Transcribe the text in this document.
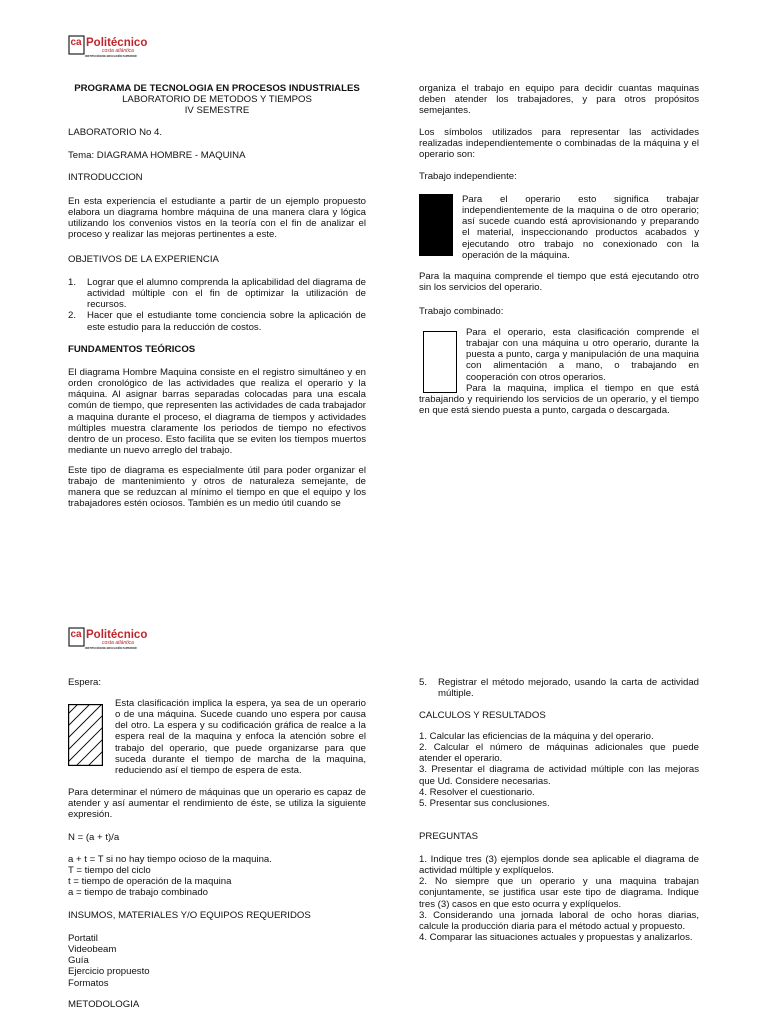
ca Politécnico
costa atlántica
INSTITUCIÓN DE EDUCACIÓN SUPERIOR

PROGRAMA DE TECNOLOGIA EN PROCESOS INDUSTRIALES

LABORATORIO DE METODOS Y TIEMPOS

IV SEMESTRE

LABORATORIO No 4.

Tema: DIAGRAMA HOMBRE - MAQUINA

INTRODUCCION

En esta experiencia el estudiante a partir de un ejemplo propuesto elabora un diagrama hombre máquina de una manera clara y lógica utilizando los convenios vistos en la teoría con el fin de analizar el proceso y realizar las mejoras pertinentes a este.

OBJETIVOS DE LA EXPERIENCIA

1.	Lograr que el alumno comprenda la aplicabilidad del diagrama de actividad múltiple con el fin de optimizar la utilización de recursos.
2.	Hacer que el estudiante tome conciencia sobre la aplicación de este estudio para la reducción de costos.

FUNDAMENTOS TEÓRICOS

El diagrama Hombre Maquina consiste en el registro simultáneo y en orden cronológico de las actividades que realiza el operario y la máquina. Al asignar barras separadas colocadas para una escala común de tiempo, que representen las actividades de cada trabajador a maquina durante el proceso, el diagrama de tiempos y actividades múltiples muestra claramente los periodos de tiempo no efectivos dentro de un proceso. Esto facilita que se eviten los tiempos muertos mediante un nuevo arreglo del trabajo.

Este tipo de diagrama es especialmente útil para poder organizar el trabajo de mantenimiento y otros de naturaleza semejante, de manera que se reduzcan al mínimo el tiempo en que el equipo y los trabajadores estén ociosos. También es un medio útil cuando se

organiza el trabajo en equipo para decidir cuantas maquinas deben atender los trabajadores, y para otros propósitos semejantes.

Los símbolos utilizados para representar las actividades realizadas independientemente o combinadas de la máquina y el operario son:

Trabajo independiente:

Para el operario esto significa trabajar independientemente de la maquina o de otro operario; así sucede cuando está aprovisionando y preparando el material, inspeccionando productos acabados y ejecutando otro trabajo no conexionado con la operación de la máquina.

Para la maquina comprende el tiempo que está ejecutando otro sin los servicios del operario.

Trabajo combinado:

Para el operario, esta clasificación comprende el trabajar con una máquina u otro operario, durante la puesta a punto, carga y manipulación de una maquina con alimentación a mano, o trabajando en cooperación con otros operarios.

Para la maquina, implica el tiempo en que está trabajando y requiriendo los servicios de un operario, y el tiempo en que está siendo puesta a punto, cargada o descargada.

ca Politécnico
costa atlántica
INSTITUCIÓN DE EDUCACIÓN SUPERIOR

Espera:

Esta clasificación implica la espera, ya sea de un operario o de una máquina. Sucede cuando uno espera por causa del otro. La espera y su codificación gráfica de realce a la espera real de la maquina y enfoca la atención sobre el trabajo del operario, que puede organizarse para que suceda durante el tiempo de marcha de la maquina, reduciendo así el tiempo de espera de esta.

Para determinar el número de máquinas que un operario es capaz de atender y así aumentar el rendimiento de éste, se utiliza la siguiente expresión.

N = (a + t)/a

a + t = T si no hay tiempo ocioso de la maquina.

T = tiempo del ciclo

t = tiempo de operación de la maquina

a = tiempo de trabajo combinado

INSUMOS, MATERIALES Y/O EQUIPOS REQUERIDOS

Portatil

Videobeam

Guía

Ejercicio propuesto

Formatos

METODOLOGIA

5.	Registrar el método mejorado, usando la carta de actividad múltiple.

CALCULOS Y RESULTADOS

1. Calcular las eficiencias de la máquina y del operario.

2. Calcular el número de máquinas adicionales que puede atender el operario.

3. Presentar el diagrama de actividad múltiple con las mejoras que Ud. Considere necesarias.

4. Resolver el cuestionario.

5. Presentar sus conclusiones.

PREGUNTAS

1. Indique tres (3) ejemplos donde sea aplicable el diagrama de actividad múltiple y explíquelos.

2. No siempre que un operario y una maquina trabajan conjuntamente, se justifica usar este tipo de diagrama. Indique tres (3) casos en que esto ocurra y explíquelos.

3. Considerando una jornada laboral de ocho horas diarias, calcule la producción diaria para el método actual y propuesto.

4. Comparar las situaciones actuales y propuestas y analizarlos.
